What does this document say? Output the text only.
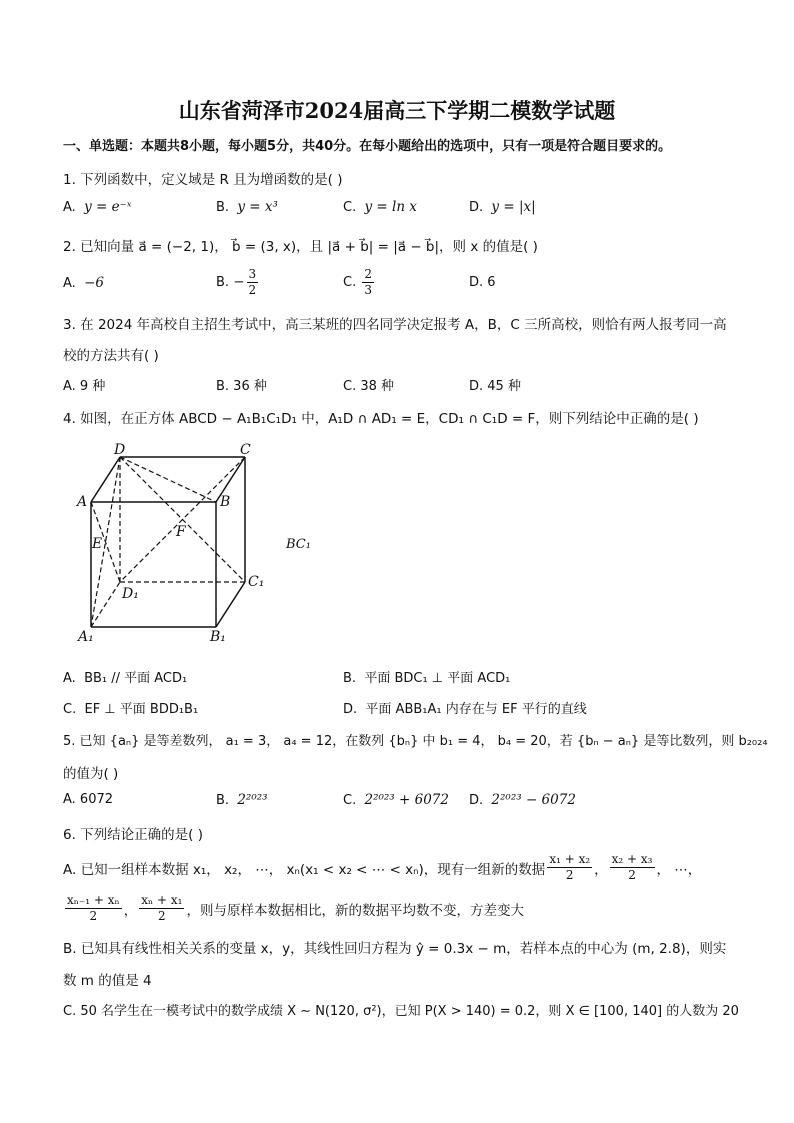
山东省菏泽市2024届高三下学期二模数学试题
一、单选题：本题共8小题，每小题5分，共40分。在每小题给出的选项中，只有一项是符合题目要求的。
1. 下列函数中，定义域是 R 且为增函数的是( )
A. y = e⁻ˣ	B. y = x³	C. y = ln x	D. y = |x|
2. 已知向量 a⃗ = (−2, 1)， b⃗ = (3, x)，且 |a⃗ + b⃗| = |a⃗ − b⃗|，则 x 的值是( )
A. −6	B. − $\frac{3}{2}$	C. $\frac{2}{3}$	D. 6
3. 在 2024 年高校自主招生考试中，高三某班的四名同学决定报考 A，B，C 三所高校，则恰有两人报考同一高
校的方法共有( )
A. 9 种	B. 36 种	C. 38 种	D. 45 种
4. 如图，在正方体 ABCD − A₁B₁C₁D₁ 中，A₁D ∩ AD₁ = E，CD₁ ∩ C₁D = F，则下列结论中正确的是( )
D	C
A	B
E
F
D₁
C₁
A₁	B₁
BC₁
A. BB₁ // 平面 ACD₁	B. 平面 BDC₁ ⊥ 平面 ACD₁
C. EF ⊥ 平面 BDD₁B₁	D. 平面 ABB₁A₁ 内存在与 EF 平行的直线
5. 已知 {aₙ} 是等差数列， a₁ = 3， a₄ = 12，在数列 {bₙ} 中 b₁ = 4， b₄ = 20，若 {bₙ − aₙ} 是等比数列，则 b₂₀₂₄
的值为( )
A. 6072	B. 2²⁰²³	C. 2²⁰²³ + 6072 D. 2²⁰²³ − 6072
6. 下列结论正确的是( )
A. 已知一组样本数据 x₁， x₂， ⋯， xₙ(x₁ < x₂ < ⋯ < xₙ)，现有一组新的数据 $\frac{\text{x₁ + x₂}}{2}$ ， $\frac{\text{x₂ + x₃}}{2}$ ， ⋯，
$\frac{\text{xₙ₋₁ + xₙ}}{2}$ ， $\frac{\text{xₙ + x₁}}{2}$ ，则与原样本数据相比，新的数据平均数不变，方差变大
B. 已知具有线性相关关系的变量 x，y，其线性回归方程为 ŷ = 0.3x − m，若样本点的中心为 (m, 2.8)，则实
数 m 的值是 4
C. 50 名学生在一模考试中的数学成绩 X ∼ N(120, σ²)，已知 P(X > 140) = 0.2，则 X ∈ [100, 140] 的人数为 20
